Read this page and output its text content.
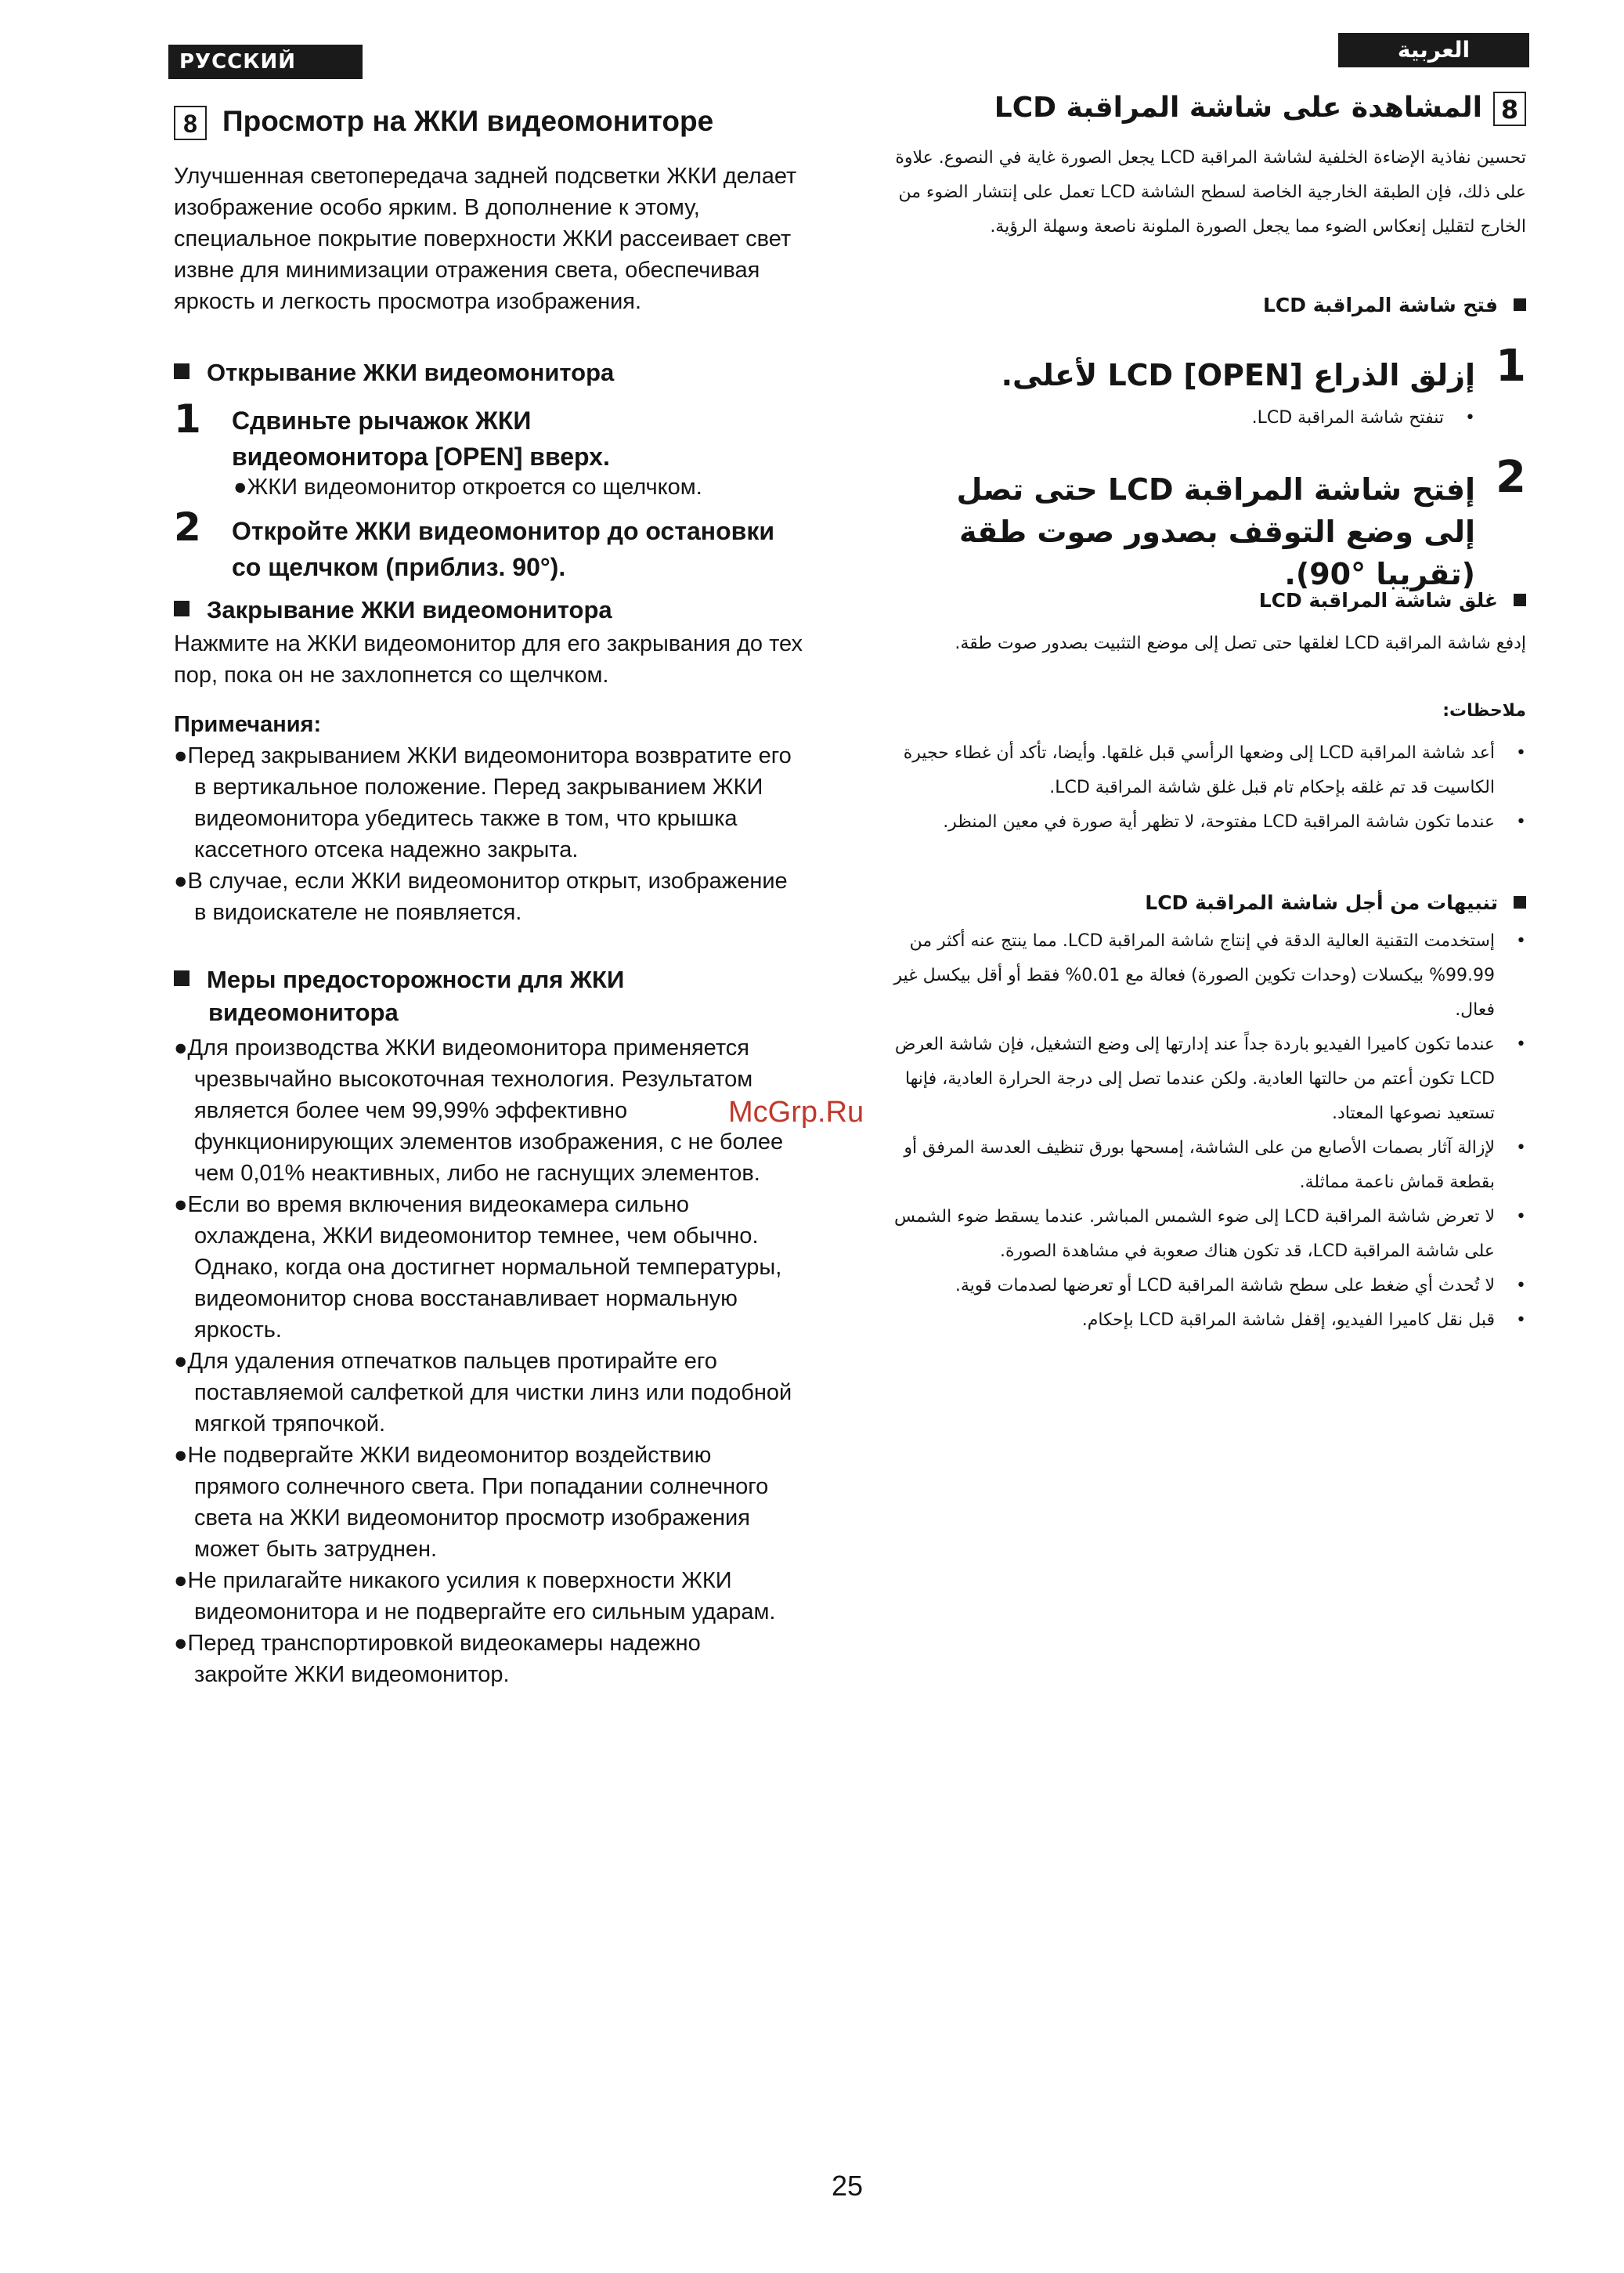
РУССКИЙ ЯЗЫК
العربية
8 Просмотр на ЖКИ видеомониторе
Улучшенная светопередача задней подсветки ЖКИ делает изображение особо ярким. В дополнение к этому, специальное покрытие поверхности ЖКИ рассеивает свет извне для минимизации отражения света, обеспечивая яркость и легкость просмотра изображения.
Открывание ЖКИ видеомонитора
1 Сдвиньте рычажок ЖКИ видеомонитора [OPEN] вверх.
●ЖКИ видеомонитор откроется со щелчком.
2 Откройте ЖКИ видеомонитор до остановки со щелчком (приблиз. 90°).
Закрывание ЖКИ видеомонитора
Нажмите на ЖКИ видеомонитор для его закрывания до тех пор, пока он не захлопнется со щелчком.
Примечания:
●Перед закрыванием ЖКИ видеомонитора возвратите его в вертикальное положение. Перед закрыванием ЖКИ видеомонитора убедитесь также в том, что крышка кассетного отсека надежно закрыта.
●В случае, если ЖКИ видеомонитор открыт, изображение в видоискателе не появляется.
Меры предосторожности для ЖКИ видеомонитора
●Для производства ЖКИ видеомонитора применяется чрезвычайно высокоточная технология. Результатом является более чем 99,99% эффективно функционирующих элементов изображения, с не более чем 0,01% неактивных, либо не гаснущих элементов.
●Если во время включения видеокамера сильно охлаждена, ЖКИ видеомонитор темнее, чем обычно. Однако, когда она достигнет нормальной температуры, видеомонитор снова восстанавливает нормальную яркость.
●Для удаления отпечатков пальцев протирайте его поставляемой салфеткой для чистки линз или подобной мягкой тряпочкой.
●Не подвергайте ЖКИ видеомонитор воздействию прямого солнечного света. При попадании солнечного света на ЖКИ видеомонитор просмотр изображения может быть затруднен.
●Не прилагайте никакого усилия к поверхности ЖКИ видеомонитора и не подвергайте его сильным ударам.
●Перед транспортировкой видеокамеры надежно закройте ЖКИ видеомонитор.
8المشاهدة على شاشة المراقبة LCD
تحسين نفاذية الإضاءة الخلفية لشاشة المراقبة LCD يجعل الصورة غاية في النصوع. علاوة على ذلك، فإن الطبقة الخارجية الخاصة لسطح الشاشة LCD تعمل على إنتشار الضوء من الخارج لتقليل إنعكاس الضوء مما يجعل الصورة الملونة ناصعة وسهلة الرؤية.
فتح شاشة المراقبة LCD
1
إزلق الذراع [OPEN] LCD لأعلى.
• تنفتح شاشة المراقبة LCD.
2
إفتح شاشة المراقبة LCD حتى تصل إلى وضع التوقف بصدور صوت طقة (تقريبا °90).
غلق شاشة المراقبة LCD
إدفع شاشة المراقبة LCD لغلقها حتى تصل إلى موضع التثبيت بصدور صوت طقة.
ملاحظات:
• أعد شاشة المراقبة LCD إلى وضعها الرأسي قبل غلقها. وأيضا، تأكد أن غطاء حجيرة الكاسيت قد تم غلقه بإحكام تام قبل غلق شاشة المراقبة LCD.
• عندما تكون شاشة المراقبة LCD مفتوحة، لا تظهر أية صورة في معين المنظر.
تنبيهات من أجل شاشة المراقبة LCD
• إستخدمت التقنية العالية الدقة في إنتاج شاشة المراقبة LCD. مما ينتج عنه أكثر من 99.99% بيكسلات (وحدات تكوين الصورة) فعالة مع 0.01% فقط أو أقل بيكسل غير فعال.
• عندما تكون كاميرا الفيديو باردة جداً عند إدارتها إلى وضع التشغيل، فإن شاشة العرض LCD تكون أعتم من حالتها العادية. ولكن عندما تصل إلى درجة الحرارة العادية، فإنها تستعيد نصوعها المعتاد.
• لإزالة آثار بصمات الأصابع من على الشاشة، إمسحها بورق تنظيف العدسة المرفق أو بقطعة قماش ناعمة مماثلة.
• لا تعرض شاشة المراقبة LCD إلى ضوء الشمس المباشر. عندما يسقط ضوء الشمس على شاشة المراقبة LCD، قد تكون هناك صعوبة في مشاهدة الصورة.
• لا تُحدث أي ضغط على سطح شاشة المراقبة LCD أو تعرضها لصدمات قوية.
• قبل نقل كاميرا الفيديو، إقفل شاشة المراقبة LCD بإحكام.
McGrp.Ru
25
